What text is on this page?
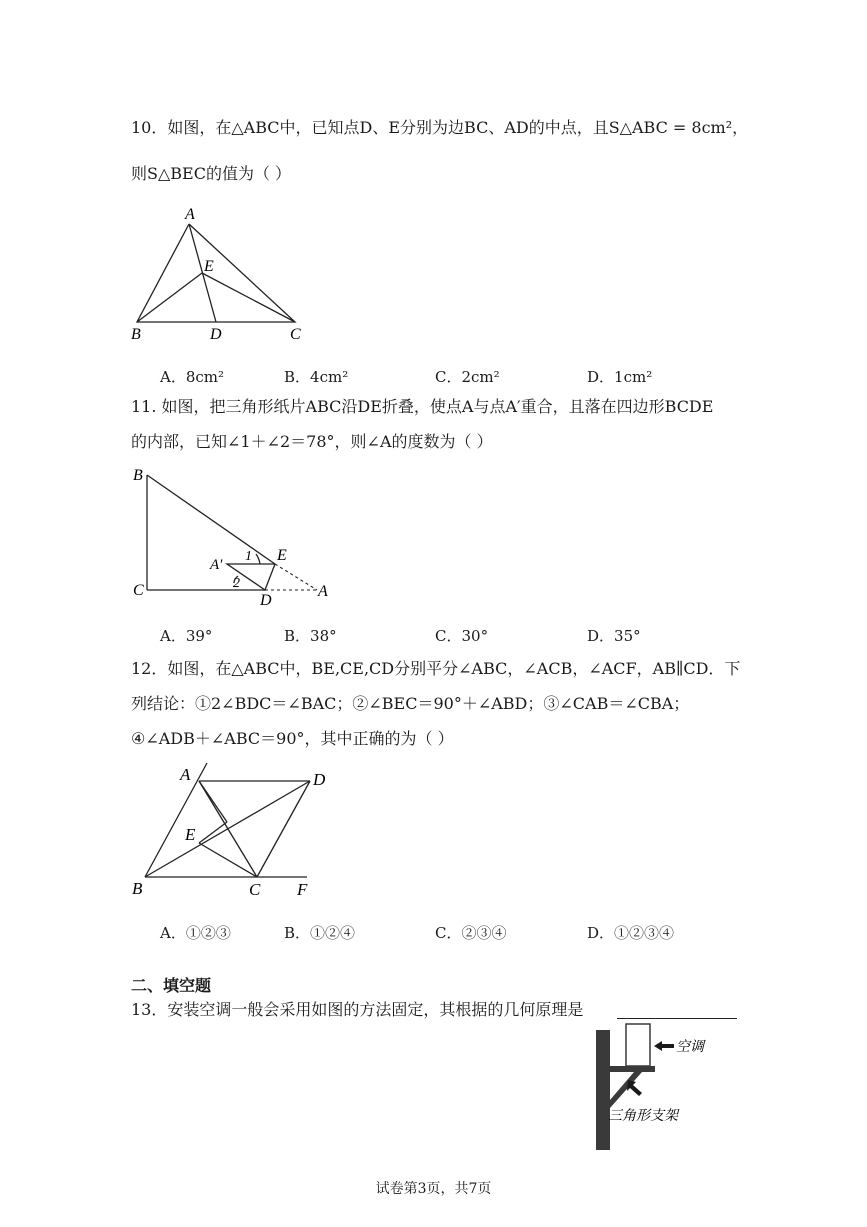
10．如图，在△ABC中，已知点D、E分别为边BC、AD的中点，且S△ABC = 8cm²，
则S△BEC的值为（ ）
A
E
B	D	C
A．8cm²	B．4cm²	C．2cm²	D．1cm²
11. 如图，把三角形纸片ABC沿DE折叠，使点A与点A′重合，且落在四边形BCDE
的内部，已知∠1＋∠2＝78°，则∠A的度数为（ ）
B
C
D
E
A
A′
1
2
A．39°	B．38°	C．30°	D．35°
12．如图，在△ABC中，BE,CE,CD分别平分∠ABC，∠ACB，∠ACF，AB∥CD．下
列结论：①2∠BDC＝∠BAC；②∠BEC＝90°＋∠ABD；③∠CAB＝∠CBA；
④∠ADB＋∠ABC＝90°，其中正确的为（ ）
A	D
E
B	C F
A．①②③	B．①②④	C．②③④	D．①②③④
二、填空题
13．安装空调一般会采用如图的方法固定，其根据的几何原理是
空调
三角形支架
试卷第3页，共7页
